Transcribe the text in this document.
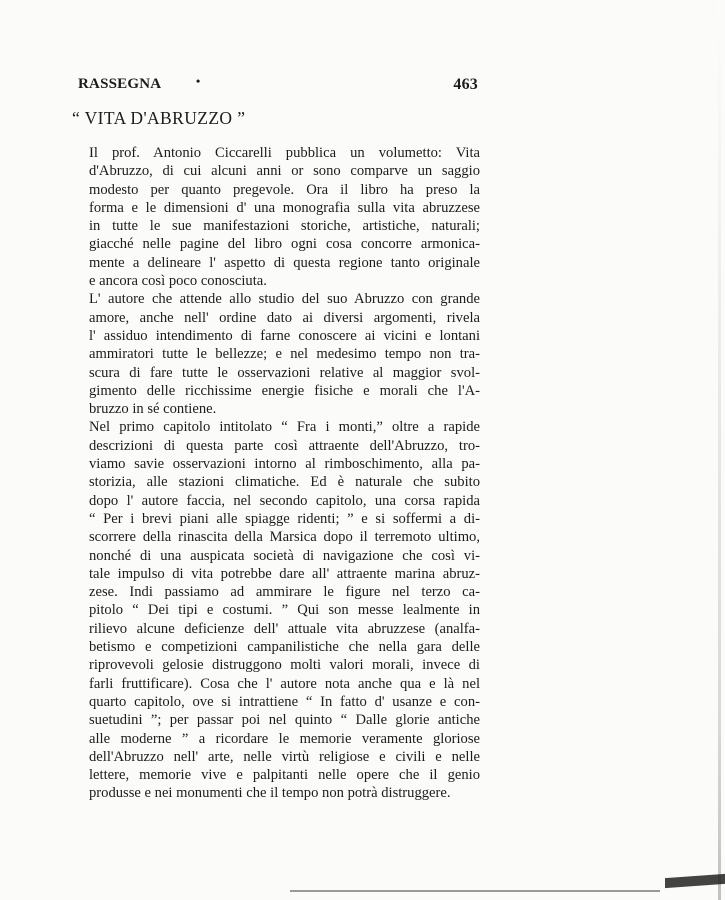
RASSEGNA	•	463
“ VITA D'ABRUZZO ”

Il prof. Antonio Ciccarelli pubblica un volumetto: Vita
d'Abruzzo, di cui alcuni anni or sono comparve un saggio
modesto per quanto pregevole. Ora il libro ha preso la
forma e le dimensioni d' una monografia sulla vita abruzzese
in tutte le sue manifestazioni storiche, artistiche, naturali;
giacché nelle pagine del libro ogni cosa concorre armonica-
mente a delineare l' aspetto di questa regione tanto originale
e ancora così poco conosciuta.

L' autore che attende allo studio del suo Abruzzo con grande
amore, anche nell' ordine dato ai diversi argomenti, rivela
l' assiduo intendimento di farne conoscere ai vicini e lontani
ammiratori tutte le bellezze; e nel medesimo tempo non tra-
scura di fare tutte le osservazioni relative al maggior svol-
gimento delle ricchissime energie fisiche e morali che l'A-
bruzzo in sé contiene.

Nel primo capitolo intitolato “ Fra i monti,” oltre a rapide
descrizioni di questa parte così attraente dell'Abruzzo, tro-
viamo savie osservazioni intorno al rimboschimento, alla pa-
storizia, alle stazioni climatiche. Ed è naturale che subito
dopo l' autore faccia, nel secondo capitolo, una corsa rapida
“ Per i brevi piani alle spiagge ridenti; ” e si soffermi a di-
scorrere della rinascita della Marsica dopo il terremoto ultimo,
nonché di una auspicata società di navigazione che così vi-
tale impulso di vita potrebbe dare all' attraente marina abruz-
zese. Indi passiamo ad ammirare le figure nel terzo ca-
pitolo “ Dei tipi e costumi. ” Qui son messe lealmente in
rilievo alcune deficienze dell' attuale vita abruzzese (analfa-
betismo e competizioni campanilistiche che nella gara delle
riprovevoli gelosie distruggono molti valori morali, invece di
farli fruttificare). Cosa che l' autore nota anche qua e là nel
quarto capitolo, ove si intrattiene “ In fatto d' usanze e con-
suetudini ”; per passar poi nel quinto “ Dalle glorie antiche
alle moderne ” a ricordare le memorie veramente gloriose
dell'Abruzzo nell' arte, nelle virtù religiose e civili e nelle
lettere, memorie vive e palpitanti nelle opere che il genio
produsse e nei monumenti che il tempo non potrà distruggere.
